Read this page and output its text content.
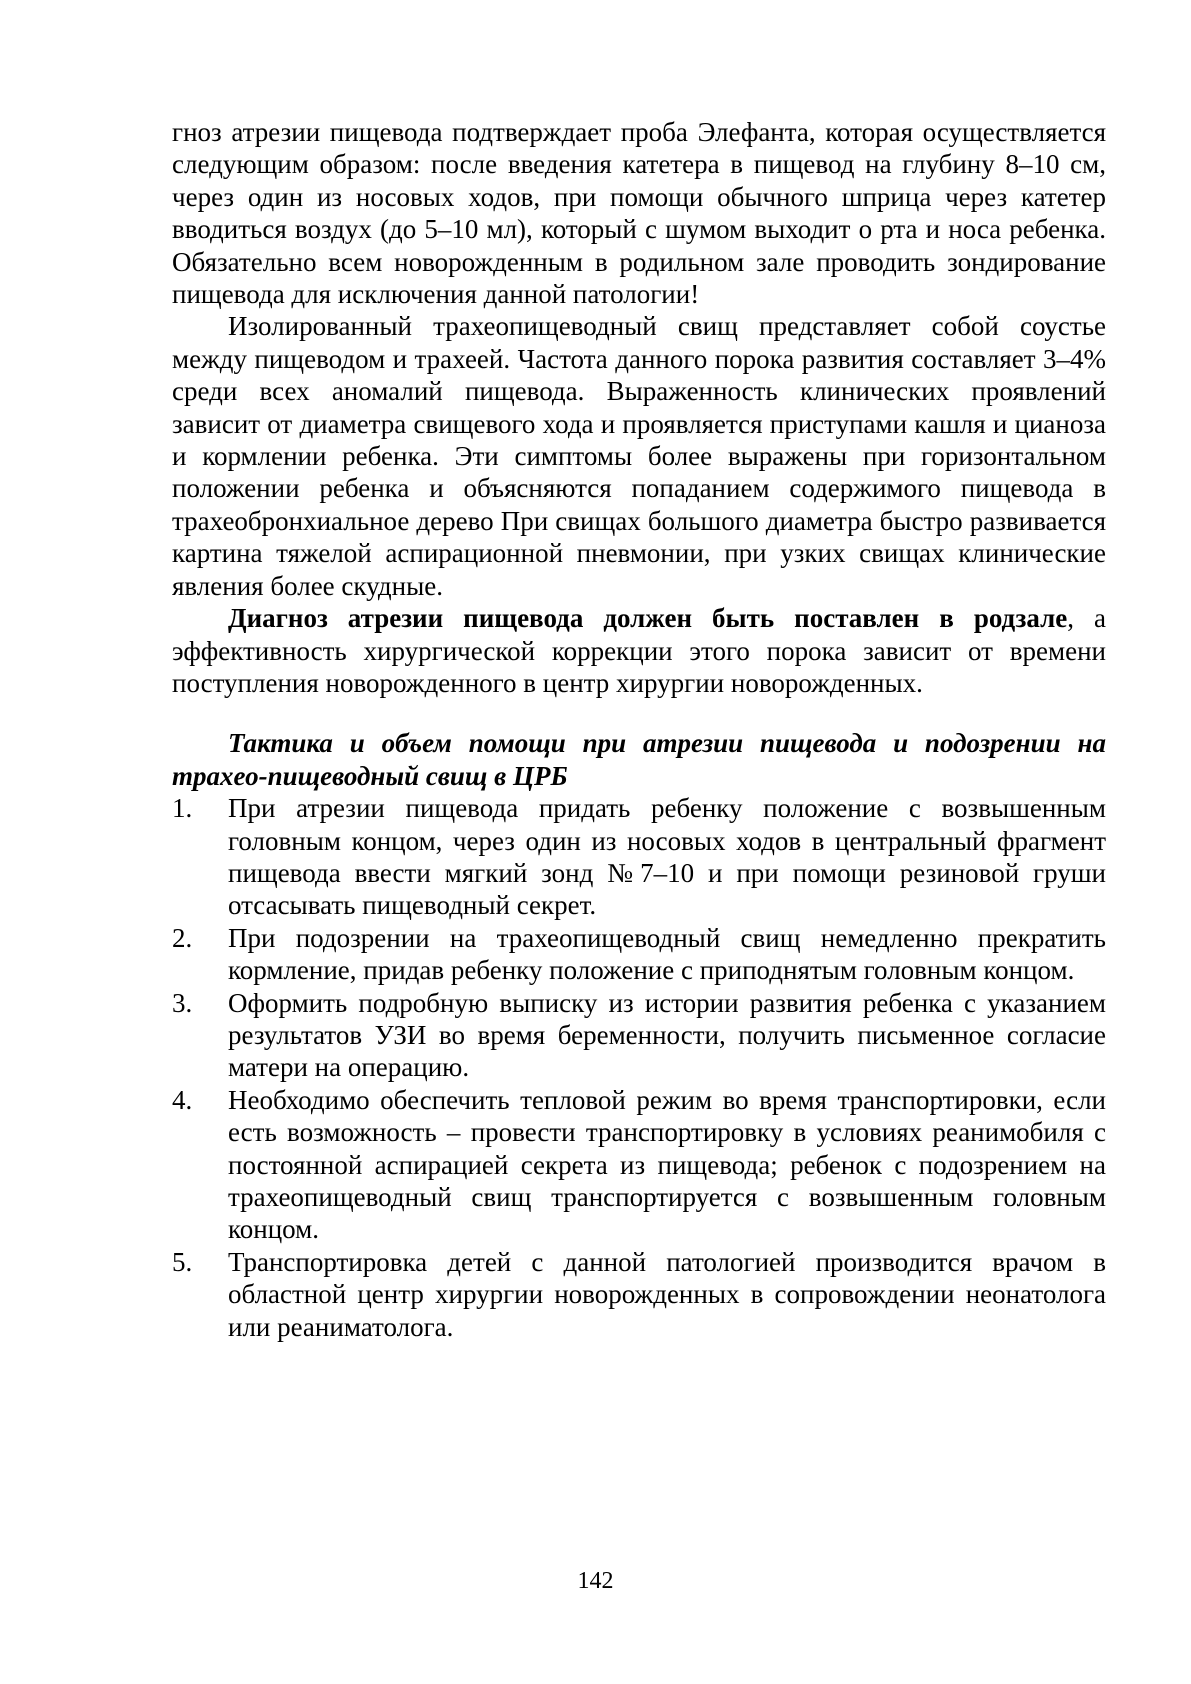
гноз атрезии пищевода подтверждает проба Элефанта, которая осуществляется следующим образом: после введения катетера в пищевод на глубину 8–10 см, через один из носовых ходов, при помощи обычного шприца через катетер вводиться воздух (до 5–10 мл), который с шумом выходит о рта и носа ребенка. Обязательно всем новорожденным в родильном зале проводить зондирование пищевода для исключения данной патологии!

Изолированный трахеопищеводный свищ представляет собой соустье между пищеводом и трахеей. Частота данного порока развития составляет 3–4% среди всех аномалий пищевода. Выраженность клинических проявлений зависит от диаметра свищевого хода и проявляется приступами кашля и цианоза и кормлении ребенка. Эти симптомы более выражены при горизонтальном положении ребенка и объясняются попаданием содержимого пищевода в трахеобронхиальное дерево При свищах большого диаметра быстро развивается картина тяжелой аспирационной пневмонии, при узких свищах клинические явления более скудные.

Диагноз атрезии пищевода должен быть поставлен в родзале, а эффективность хирургической коррекции этого порока зависит от времени поступления новорожденного в центр хирургии новорожденных.

Тактика и объем помощи при атрезии пищевода и подозрении на трахео-пищеводный свищ в ЦРБ

1. При атрезии пищевода придать ребенку положение с возвышенным головным концом, через один из носовых ходов в центральный фрагмент пищевода ввести мягкий зонд №7–10 и при помощи резиновой груши отсасывать пищеводный секрет.
2. При подозрении на трахеопищеводный свищ немедленно прекратить кормление, придав ребенку положение с приподнятым головным концом.
3. Оформить подробную выписку из истории развития ребенка с указанием результатов УЗИ во время беременности, получить письменное согласие матери на операцию.
4. Необходимо обеспечить тепловой режим во время транспортировки, если есть возможность – провести транспортировку в условиях реанимобиля с постоянной аспирацией секрета из пищевода; ребенок с подозрением на трахеопищеводный свищ транспортируется с возвышенным головным концом.
5. Транспортировка детей с данной патологией производится врачом в областной центр хирургии новорожденных в сопровождении неонатолога или реаниматолога.
142
